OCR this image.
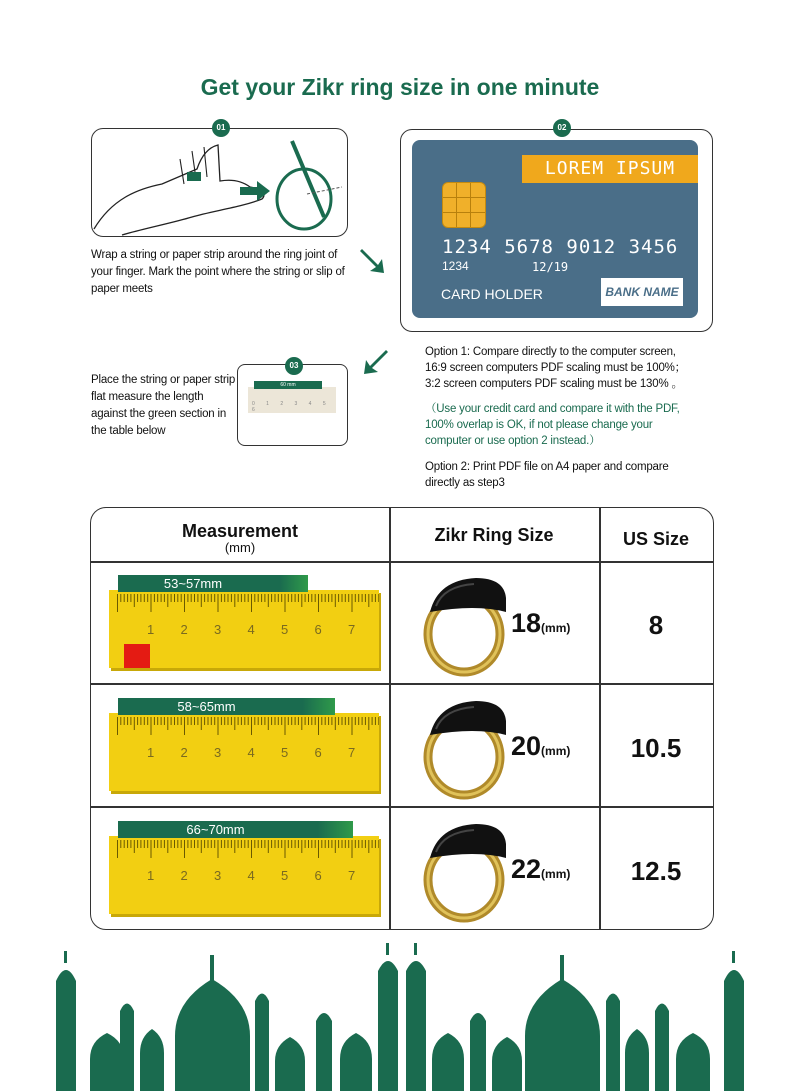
Get your Zikr ring size in one minute
01
Wrap a string or paper strip around the ring joint of your finger. Mark the point where the string or slip of paper meets
02
LOREM IPSUM
1234 5678 9012 3456
1234	12/19
CARD HOLDER	BANK NAME
Place the string or paper strip flat measure the length against the green section in the table below
60 mm
0 1 2 3 4 5 6
03
Option 1: Compare directly to the computer screen,
16:9 screen computers PDF scaling must be 100%；
3:2 screen computers PDF scaling must be 130% 。
（Use your credit card and compare it with the PDF,
100% overlap is OK, if not please change your
computer or use option 2 instead.）
Option 2: Print PDF file on A4 paper and compare
directly as step3
Measurement
(mm)
Zikr Ring Size	US Size
1 2 3 4 5 6 7
53~57mm
18(mm)	8
1 2 3 4 5 6 7
58~65mm
20(mm)	10.5
1 2 3 4 5 6 7
66~70mm
22(mm)	12.5
